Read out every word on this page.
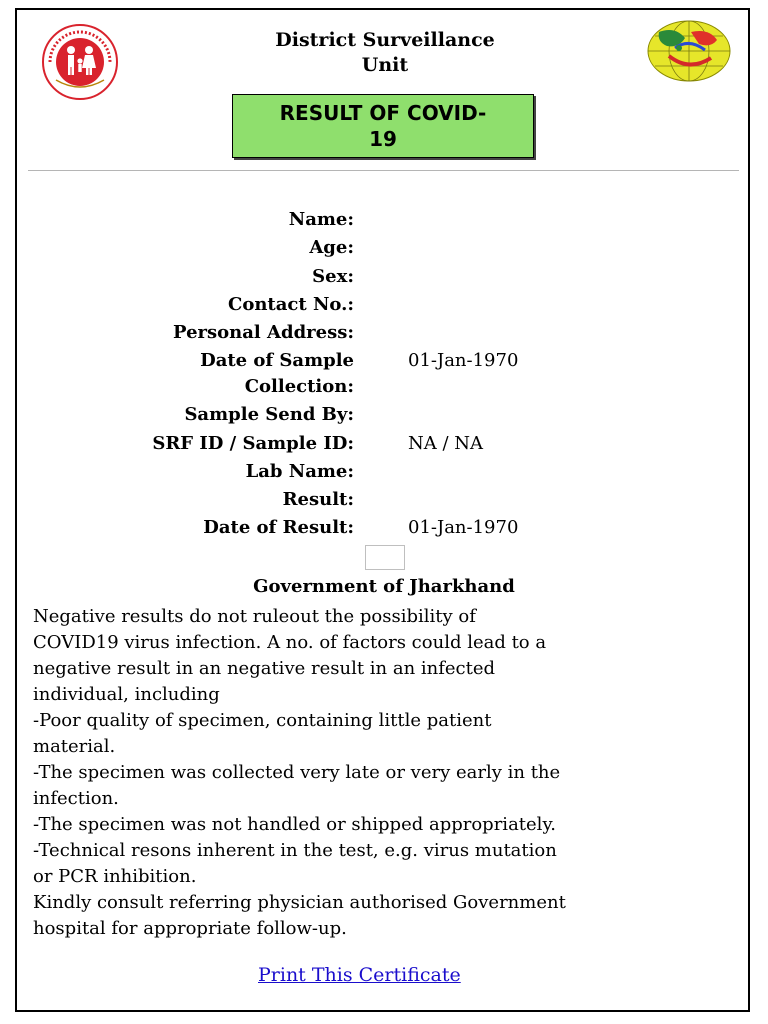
District Surveillance
Unit
RESULT OF COVID-
19
Name:
Age:
Sex:
Contact No.:
Personal Address:
Date of Sample
Collection:
01-Jan-1970
Sample Send By:
SRF ID / Sample ID:	NA / NA
Lab Name:
Result:
Date of Result:	01-Jan-1970
Government of Jharkhand
Negative results do not ruleout the possibility of
COVID19 virus infection. A no. of factors could lead to a
negative result in an negative result in an infected
individual, including
-Poor quality of specimen, containing little patient
material.
-The specimen was collected very late or very early in the
infection.
-The specimen was not handled or shipped appropriately.
-Technical resons inherent in the test, e.g. virus mutation
or PCR inhibition.
Kindly consult referring physician authorised Government
hospital for appropriate follow-up.
Print This Certificate
